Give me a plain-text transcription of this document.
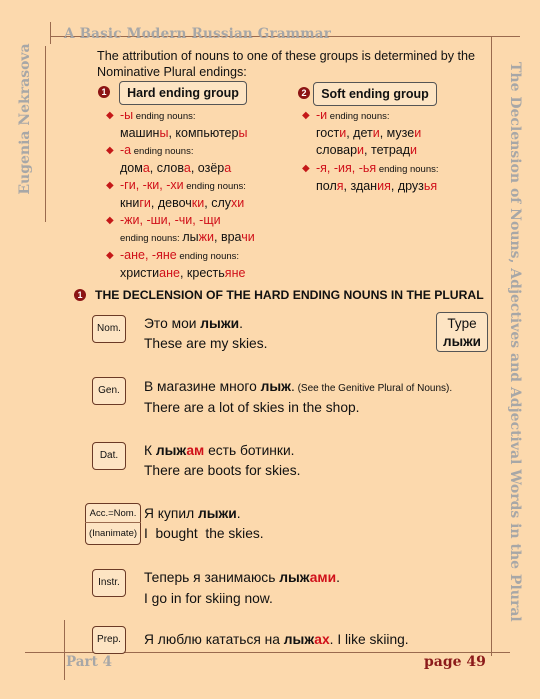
A Basic Modern Russian Grammar
Eugenia Nekrasova	The Declension of Nouns, Adjectives and Adjectival Words in the Plural
Part 4	page 49
The attribution of nouns to one of these groups is determined by the Nominative Plural endings:
1	Hard ending group	2	Soft ending group
◆ -ы ending nouns:
машины, компьютеры
◆ -а ending nouns:
дома, слова, озёра
◆ -ги, -ки, -хи ending nouns:
книги, девочки, слухи
◆ -жи, -ши, -чи, -щи
ending nouns: лыжи, врачи
◆ -ане, -яне ending nouns:
христиане, крестьяне
◆ -и ending nouns:
гости, дети, музеи
словари, тетради
◆ -я, -ия, -ья ending nouns:
поля, здания, друзья
1 THE DECLENSION OF THE HARD ENDING NOUNS IN THE PLURAL
Type
лыжи
Nom.	Это мои лыжи.
These are my skies.
Gen.	В магазине много лыж. (See the Genitive Plural of Nouns).
There are a lot of skies in the shop.
Dat.	К лыжам есть ботинки.
There are boots for skies.
Acc.=Nom.
(Inanimate)
Я купил лыжи.
I  bought  the skies.
Instr.	Теперь я занимаюсь лыжами.
I go in for skiing now.
Prep.	Я люблю кататься на лыжах. I like skiing.
